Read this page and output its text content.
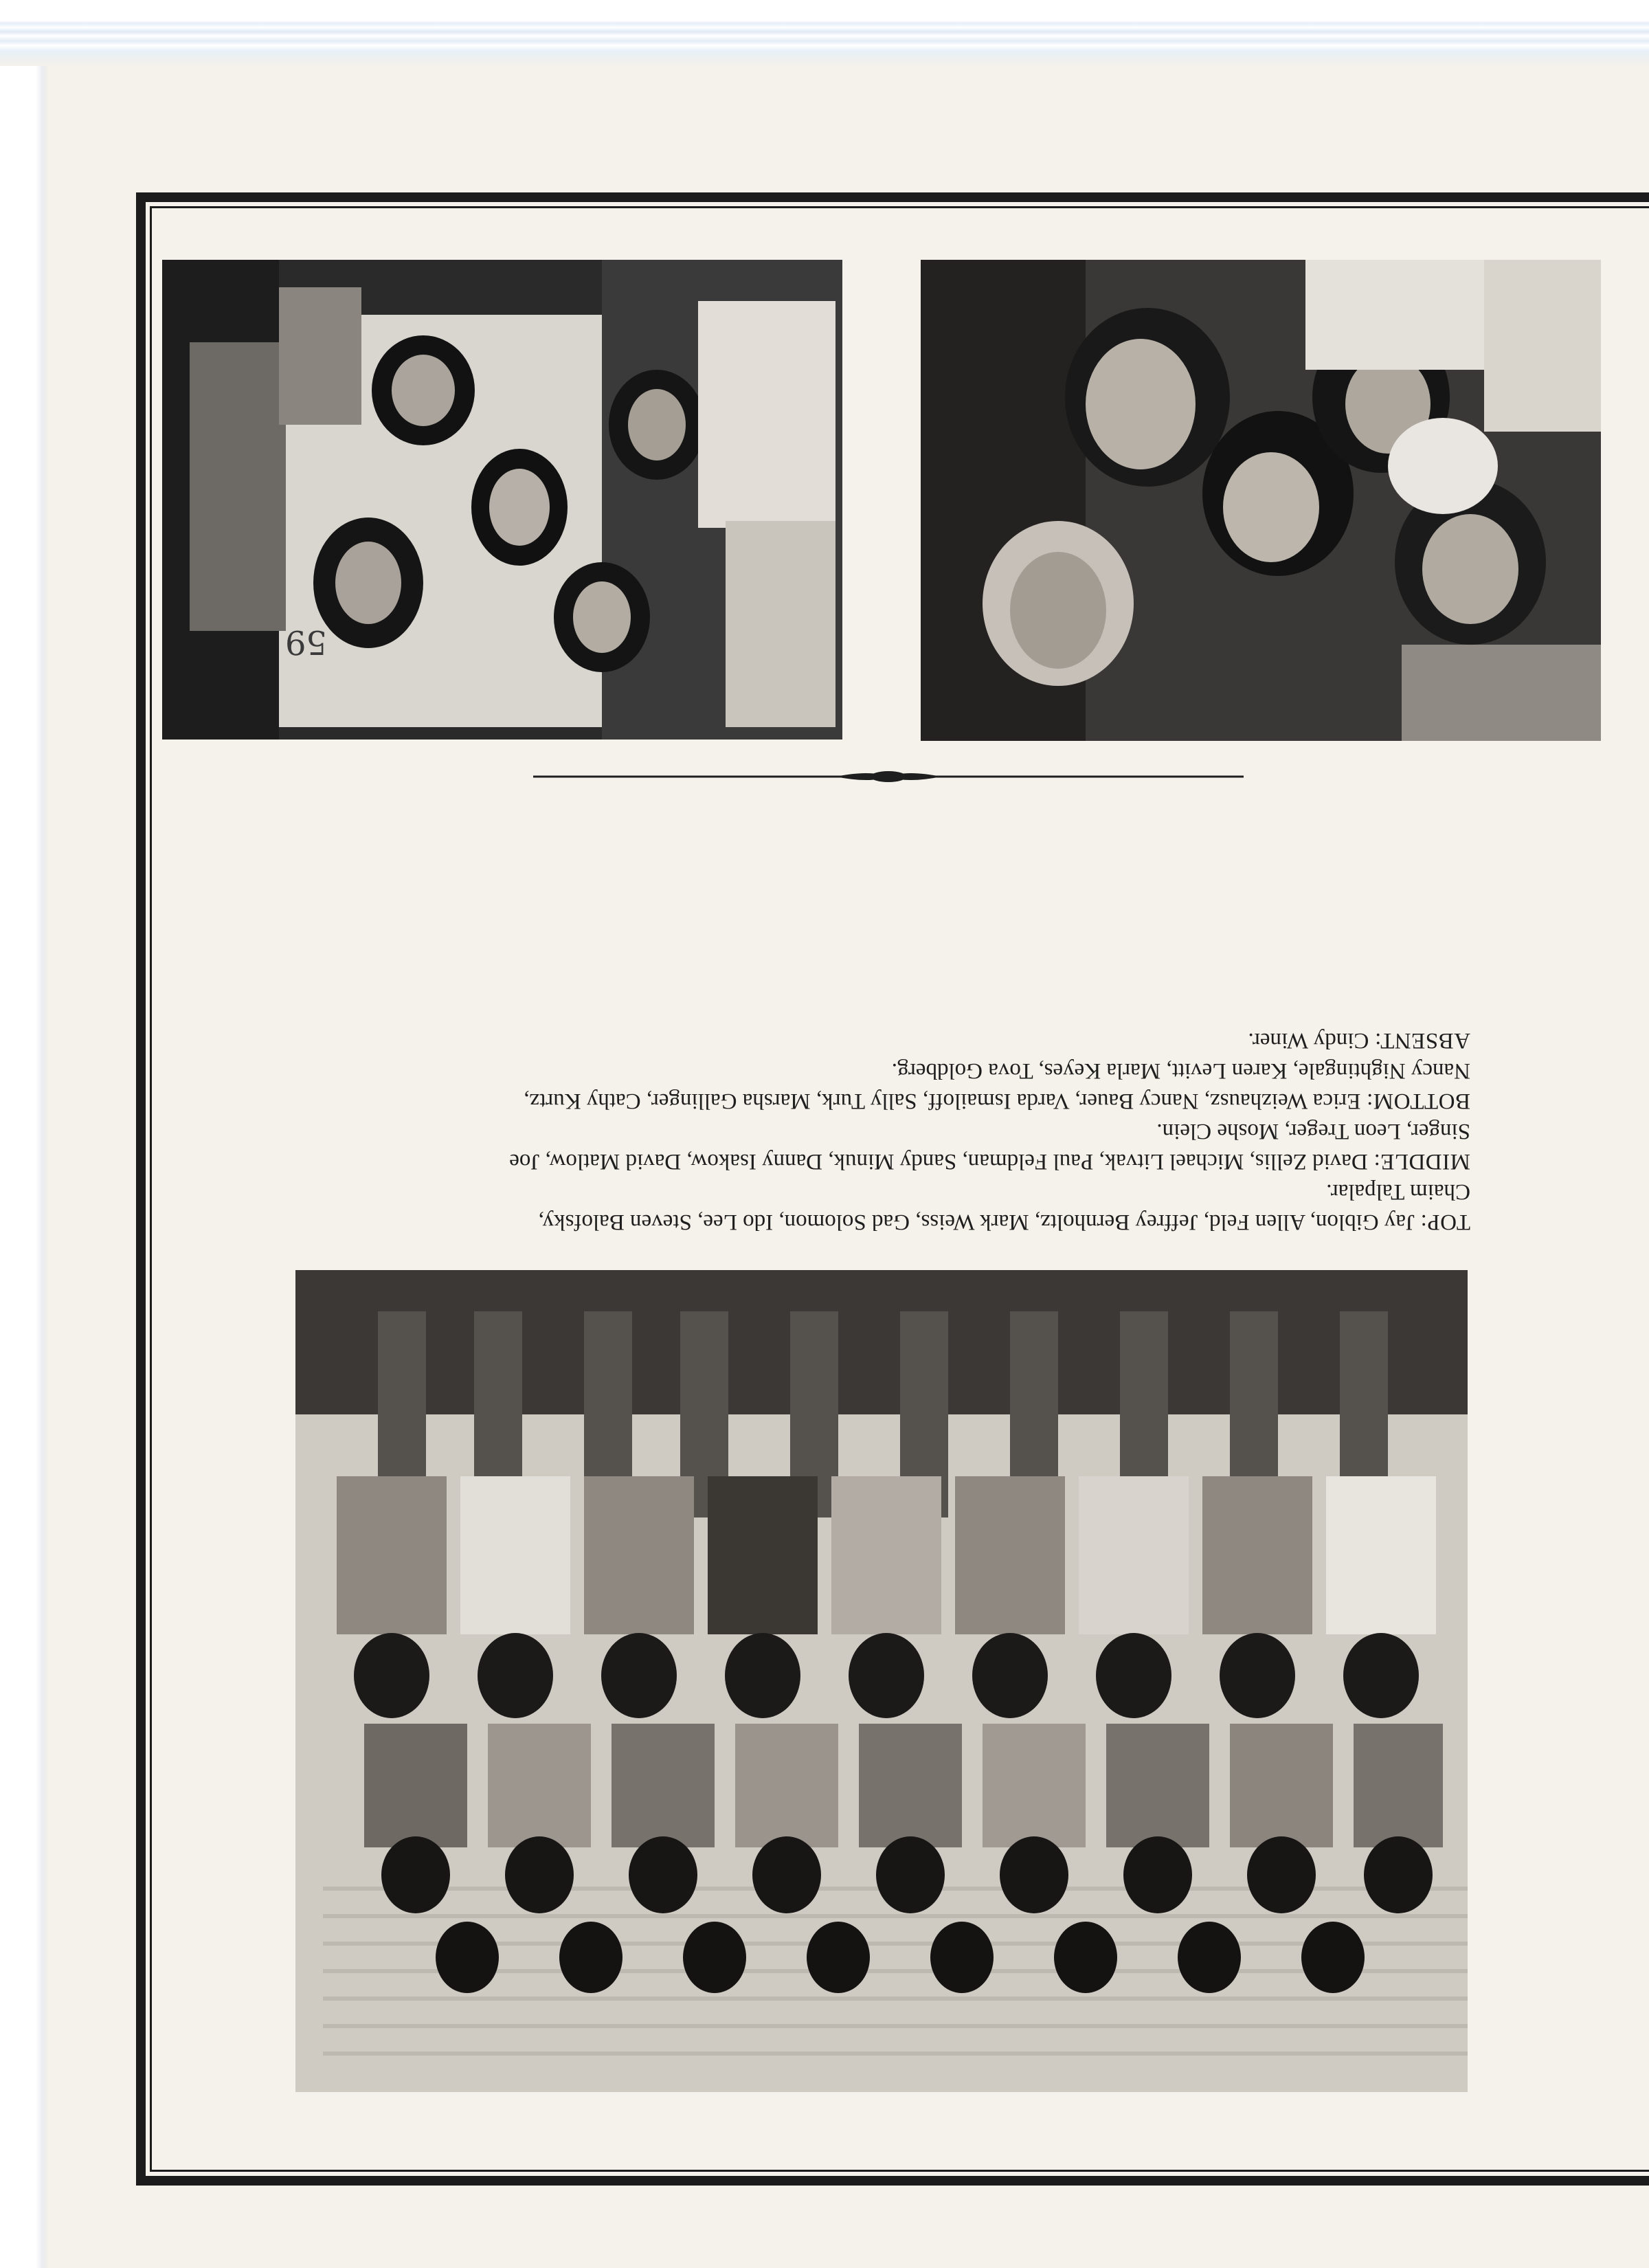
59

TOP: Jay Giblon, Allen Feld, Jeffrey Bernholtz, Mark Weiss, Gad Solomon, Ido Lee, Steven Balofsky,

Chaim Talpalar.

MIDDLE: David Zellis, Michael Litvak, Paul Feldman, Sandy Minuk, Danny Isakow, David Matlow, Joe

Singer, Leon Treger, Moshe Clein.

BOTTOM: Erica Weizhausz, Nancy Bauer, Varda Ismailoff, Sally Turk, Marsha Gallinger, Cathy Kurtz,

Nancy Nightingale, Karen Levitt, Marla Keyes, Tova Goldberg.

ABSENT: Cindy Winer.
